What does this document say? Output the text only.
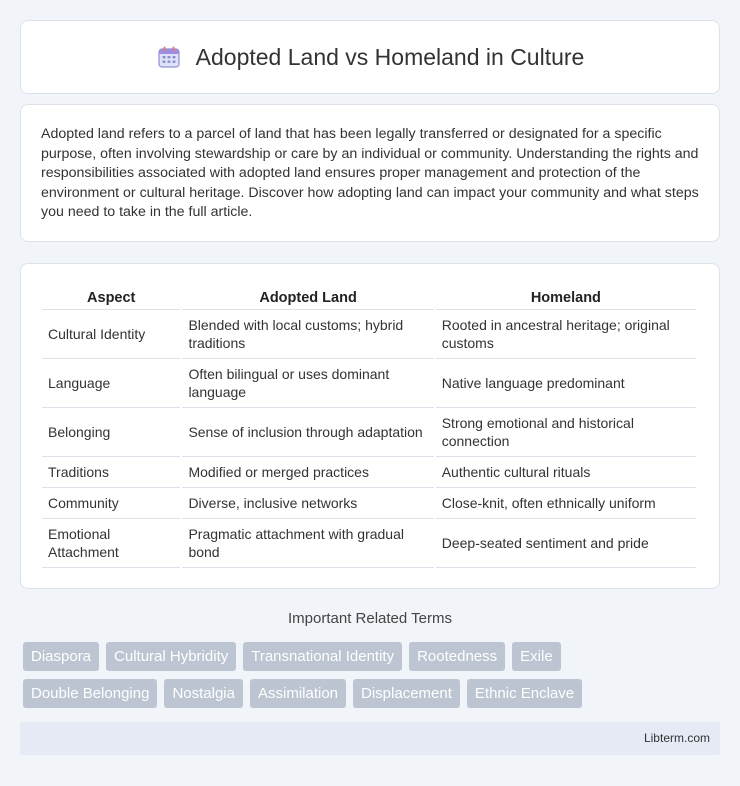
Adopted Land vs Homeland in Culture

Adopted land refers to a parcel of land that has been legally transferred or designated for a specific purpose, often involving stewardship or care by an individual or community. Understanding the rights and responsibilities associated with adopted land ensures proper management and protection of the environment or cultural heritage. Discover how adopting land can impact your community and what steps you need to take in the full article.

Aspect	Adopted Land	Homeland
Cultural Identity	Blended with local customs; hybrid traditions	Rooted in ancestral heritage; original customs
Language	Often bilingual or uses dominant language	Native language predominant
Belonging	Sense of inclusion through adaptation	Strong emotional and historical connection
Traditions	Modified or merged practices	Authentic cultural rituals
Community	Diverse, inclusive networks	Close-knit, often ethnically uniform
Emotional Attachment	Pragmatic attachment with gradual bond	Deep-seated sentiment and pride
Important Related Terms
Diaspora	Cultural Hybridity	Transnational Identity	Rootedness	Exile
Double Belonging	Nostalgia	Assimilation	Displacement	Ethnic Enclave
Libterm.com
